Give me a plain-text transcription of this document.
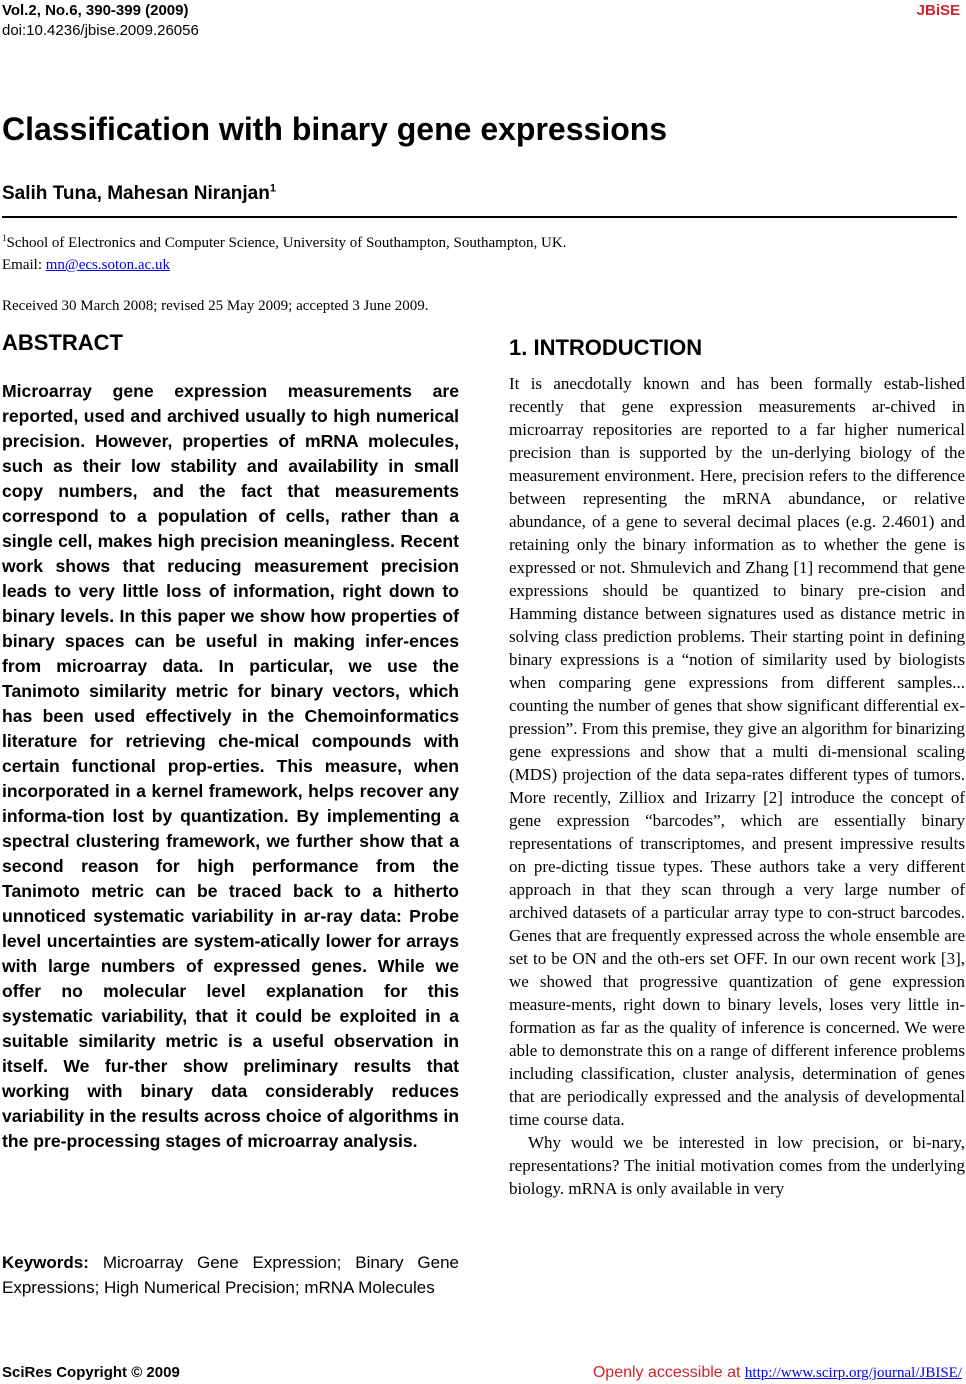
Vol.2, No.6, 390-399 (2009)
doi:10.4236/jbise.2009.26056
JBiSE
Classification with binary gene expressions
Salih Tuna, Mahesan Niranjan$^1$
$^1$School of Electronics and Computer Science, University of Southampton, Southampton, UK.
Email: mn@ecs.soton.ac.uk
Received 30 March 2008; revised 25 May 2009; accepted 3 June 2009.
ABSTRACT

Microarray gene expression measurements are reported, used and archived usually to high numerical precision. However, properties of mRNA molecules, such as their low stability and availability in small copy numbers, and the fact that measurements correspond to a population of cells, rather than a single cell, makes high precision meaningless. Recent work shows that reducing measurement precision leads to very little loss of information, right down to binary levels. In this paper we show how properties of binary spaces can be useful in making infer-ences from microarray data. In particular, we use the Tanimoto similarity metric for binary vectors, which has been used effectively in the Chemoinformatics literature for retrieving che-mical compounds with certain functional prop-erties. This measure, when incorporated in a kernel framework, helps recover any informa-tion lost by quantization. By implementing a spectral clustering framework, we further show that a second reason for high performance from the Tanimoto metric can be traced back to a hitherto unnoticed systematic variability in ar-ray data: Probe level uncertainties are system-atically lower for arrays with large numbers of expressed genes. While we offer no molecular level explanation for this systematic variability, that it could be exploited in a suitable similarity metric is a useful observation in itself. We fur-ther show preliminary results that working with binary data considerably reduces variability in the results across choice of algorithms in the pre-processing stages of microarray analysis.

Keywords: Microarray Gene Expression; Binary Gene Expressions; High Numerical Precision; mRNA Molecules

1. INTRODUCTION

It is anecdotally known and has been formally estab-lished recently that gene expression measurements ar-chived in microarray repositories are reported to a far higher numerical precision than is supported by the un-derlying biology of the measurement environment. Here, precision refers to the difference between representing the mRNA abundance, or relative abundance, of a gene to several decimal places (e.g. 2.4601) and retaining only the binary information as to whether the gene is expressed or not. Shmulevich and Zhang [1] recommend that gene expressions should be quantized to binary pre-cision and Hamming distance between signatures used as distance metric in solving class prediction problems. Their starting point in defining binary expressions is a “notion of similarity used by biologists when comparing gene expressions from different samples... counting the number of genes that show significant differential ex-pression”. From this premise, they give an algorithm for binarizing gene expressions and show that a multi di-mensional scaling (MDS) projection of the data sepa-rates different types of tumors. More recently, Zilliox and Irizarry [2] introduce the concept of gene expression “barcodes”, which are essentially binary representations of transcriptomes, and present impressive results on pre-dicting tissue types. These authors take a very different approach in that they scan through a very large number of archived datasets of a particular array type to con-struct barcodes. Genes that are frequently expressed across the whole ensemble are set to be ON and the oth-ers set OFF. In our own recent work [3], we showed that progressive quantization of gene expression measure-ments, right down to binary levels, loses very little in-formation as far as the quality of inference is concerned. We were able to demonstrate this on a range of different inference problems including classification, cluster analysis, determination of genes that are periodically expressed and the analysis of developmental time course data.

Why would we be interested in low precision, or bi-nary, representations? The initial motivation comes from the underlying biology. mRNA is only available in very

SciRes Copyright © 2009	Openly accessible at http://www.scirp.org/journal/JBISE/
